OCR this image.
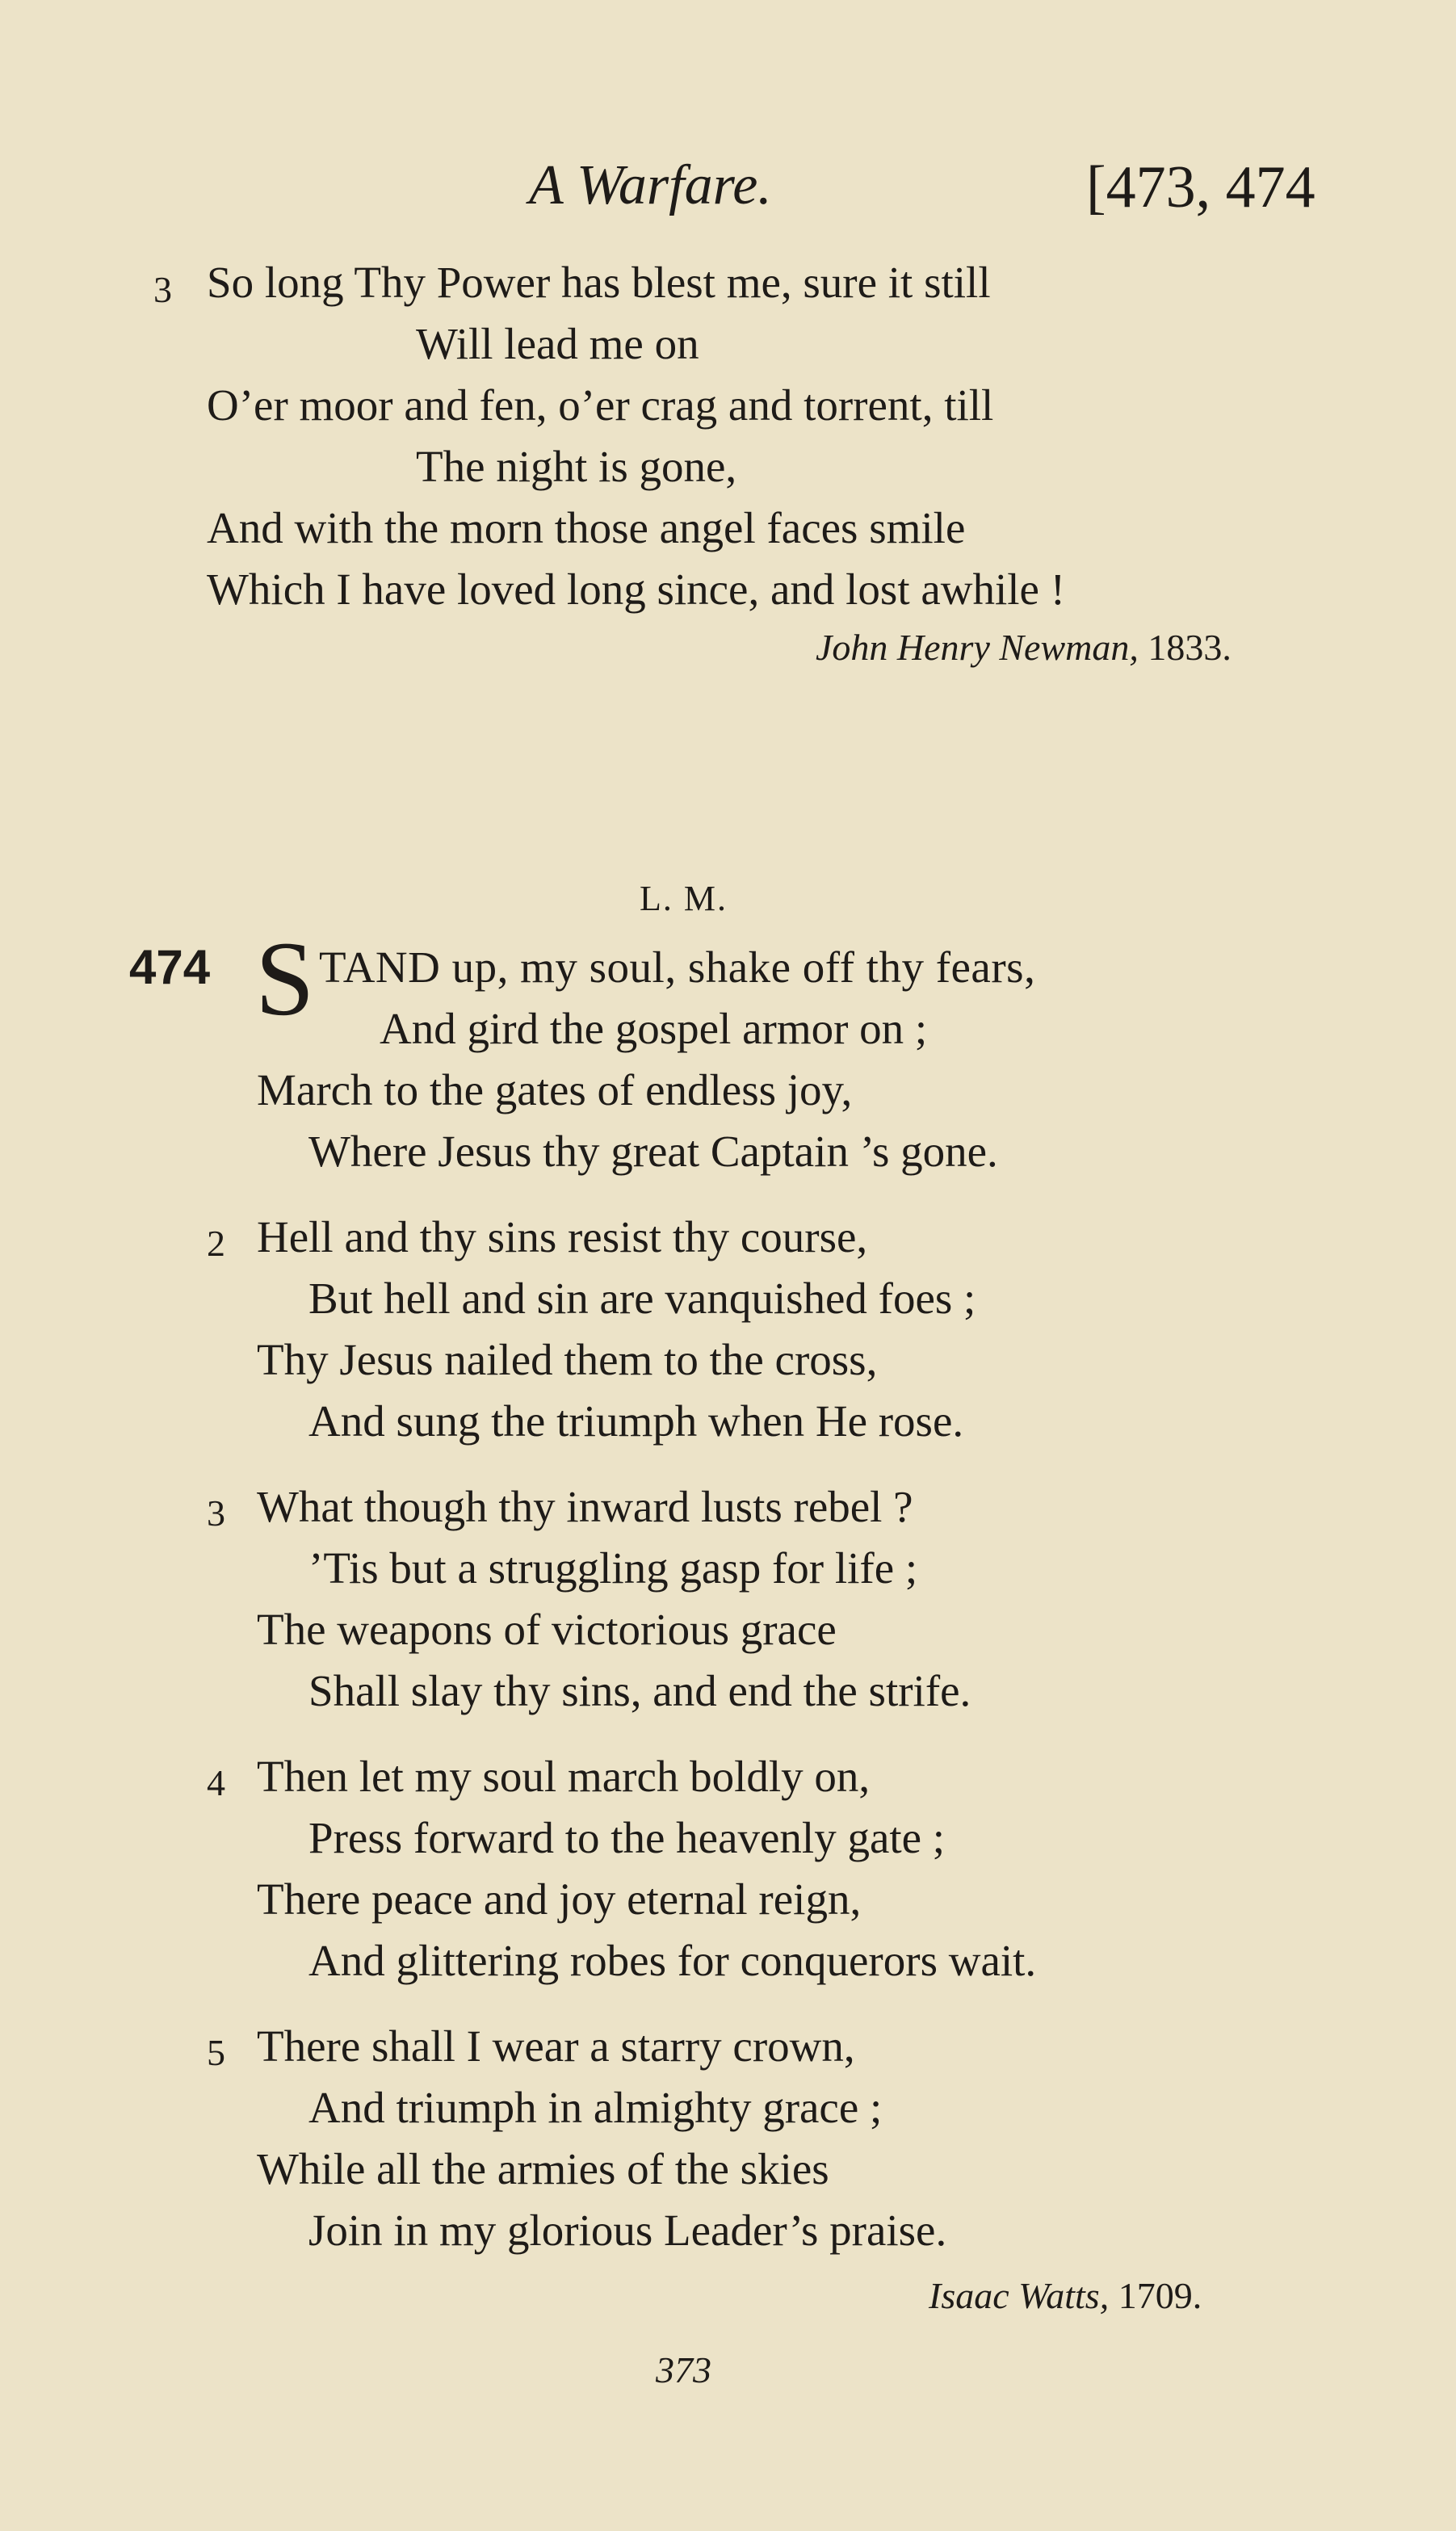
A Warfare.	[473, 474
3 So long Thy Power has blest me, sure it still
Will lead me on
O’er moor and fen, o’er crag and torrent, till
The night is gone,
And with the morn those angel faces smile
Which I have loved long since, and lost awhile !
John Henry Newman, 1833.
L. M.
474 S TAND up, my soul, shake off thy fears,
And gird the gospel armor on ;
March to the gates of endless joy,
Where Jesus thy great Captain ’s gone.
2 Hell and thy sins resist thy course,
But hell and sin are vanquished foes ;
Thy Jesus nailed them to the cross,
And sung the triumph when He rose.
3 What though thy inward lusts rebel ?
’Tis but a struggling gasp for life ;
The weapons of victorious grace
Shall slay thy sins, and end the strife.
4 Then let my soul march boldly on,
Press forward to the heavenly gate ;
There peace and joy eternal reign,
And glittering robes for conquerors wait.
5 There shall I wear a starry crown,
And triumph in almighty grace ;
While all the armies of the skies
Join in my glorious Leader’s praise.
Isaac Watts, 1709.
373
